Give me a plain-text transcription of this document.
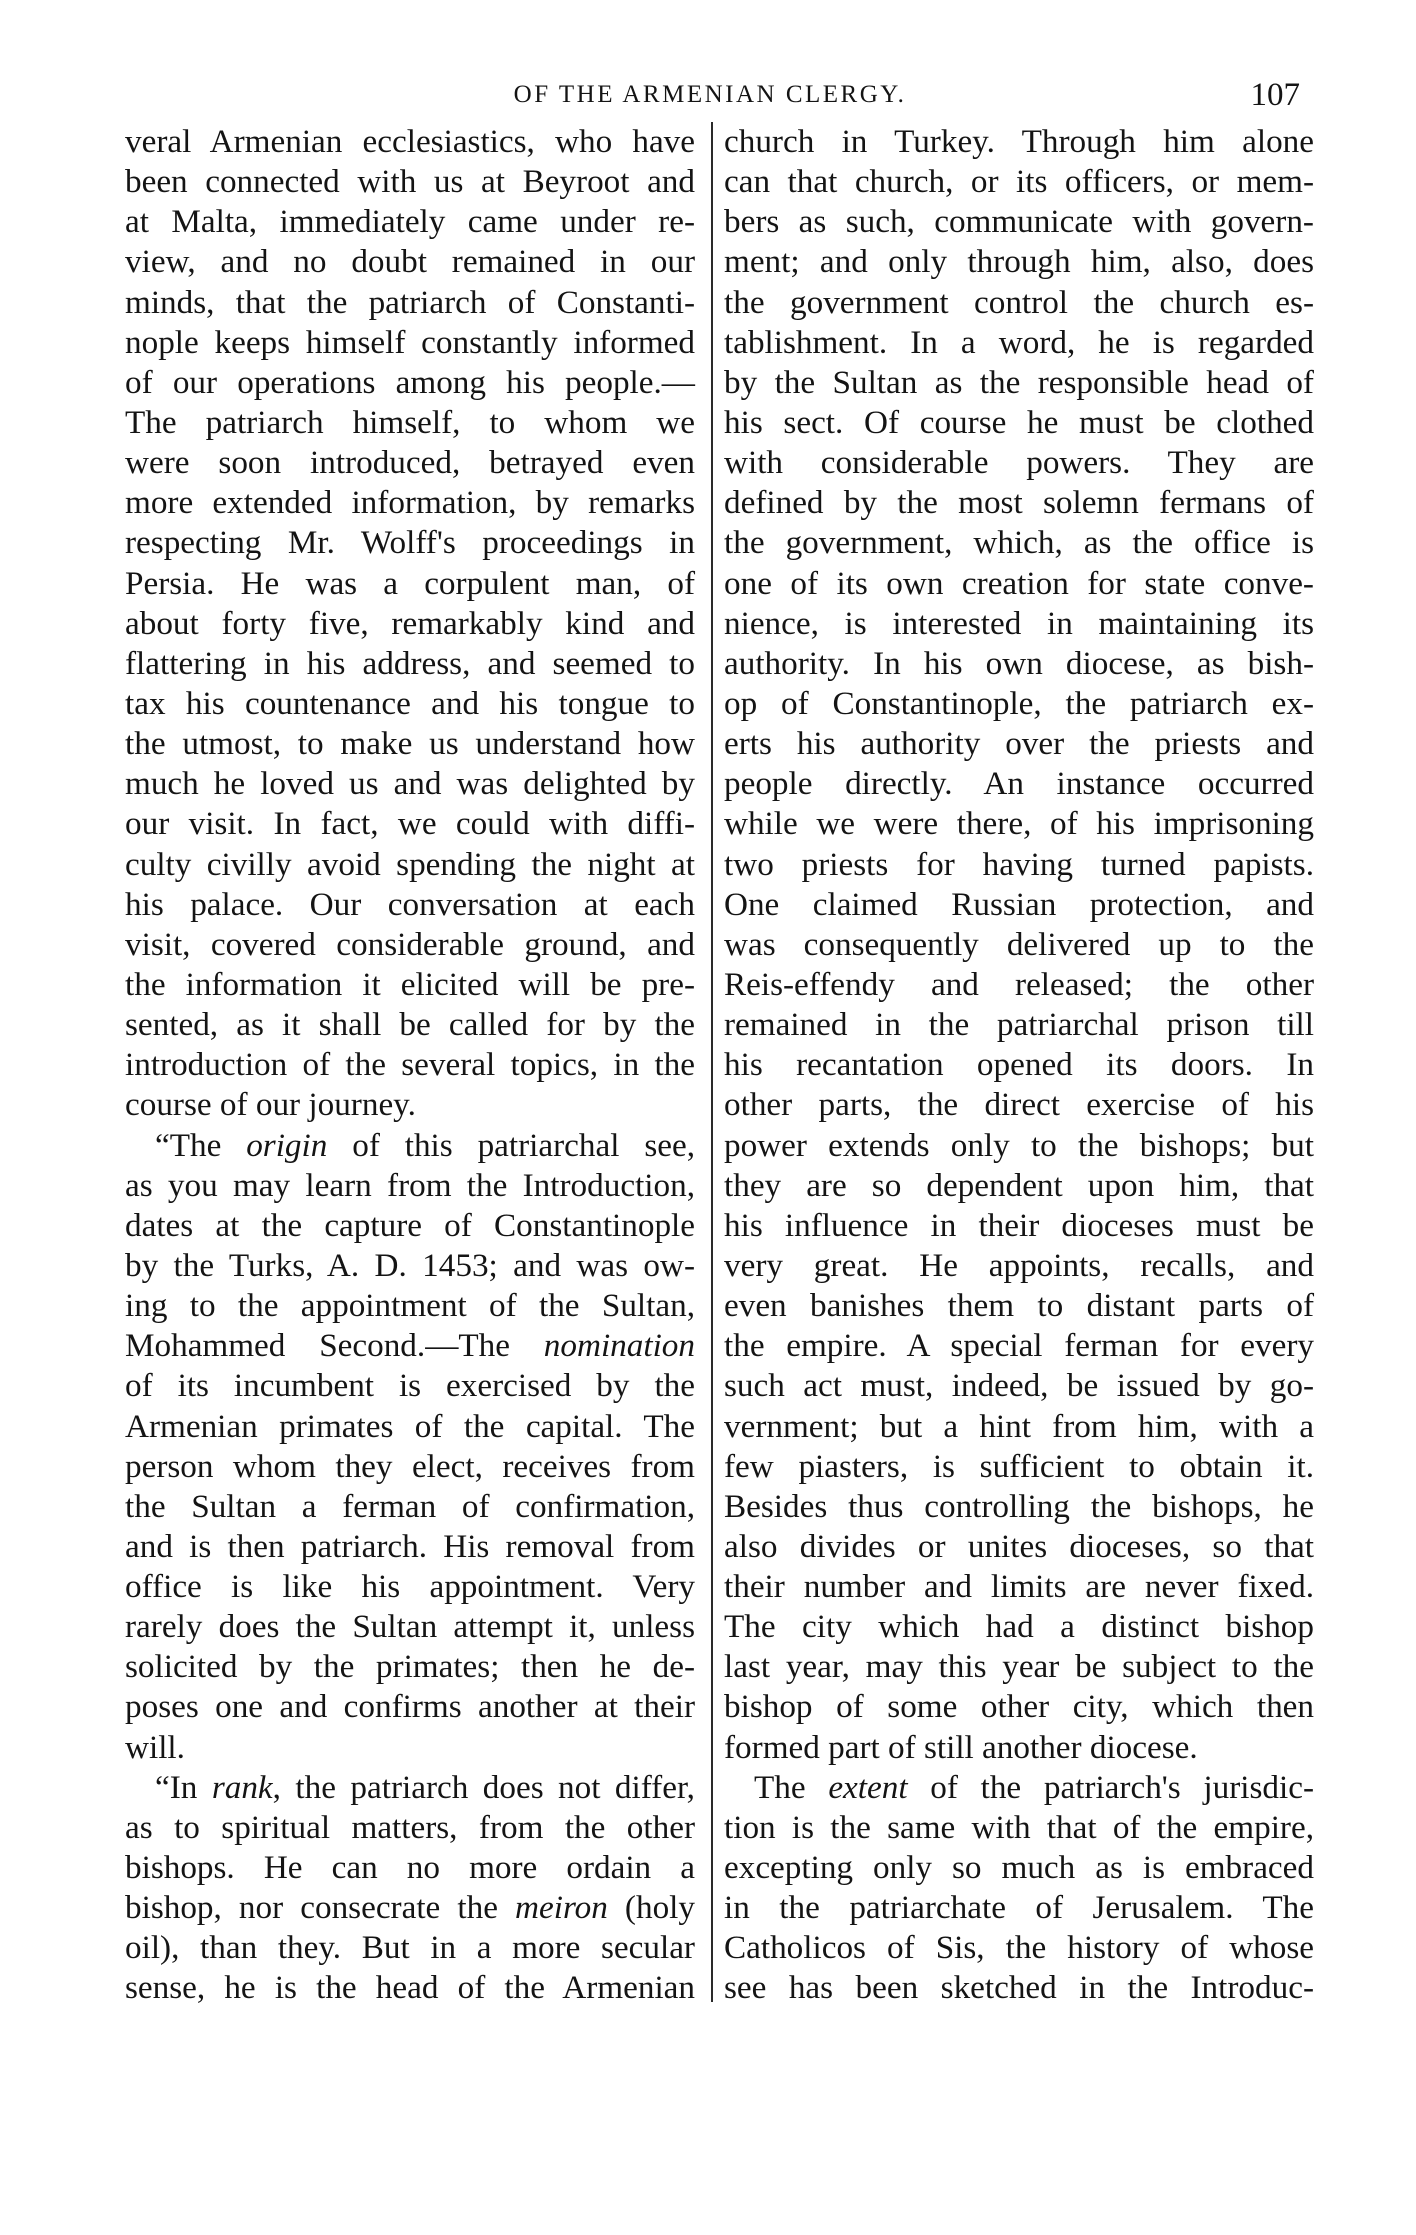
OF THE ARMENIAN CLERGY.	107

veral Armenian ecclesiastics, who have
been connected with us at Beyroot and
at Malta, immediately came under re-
view, and no doubt remained in our
minds, that the patriarch of Constanti-
nople keeps himself constantly informed
of our operations among his people.—
The patriarch himself, to whom we
were soon introduced, betrayed even
more extended information, by remarks
respecting Mr. Wolff's proceedings in
Persia. He was a corpulent man, of
about forty five, remarkably kind and
flattering in his address, and seemed to
tax his countenance and his tongue to
the utmost, to make us understand how
much he loved us and was delighted by
our visit. In fact, we could with diffi-
culty civilly avoid spending the night at
his palace. Our conversation at each
visit, covered considerable ground, and
the information it elicited will be pre-
sented, as it shall be called for by the
introduction of the several topics, in the
course of our journey.

“The origin of this patriarchal see,
as you may learn from the Introduction,
dates at the capture of Constantinople
by the Turks, A. D. 1453; and was ow-
ing to the appointment of the Sultan,
Mohammed Second.—The nomination
of its incumbent is exercised by the
Armenian primates of the capital. The
person whom they elect, receives from
the Sultan a ferman of confirmation,
and is then patriarch. His removal from
office is like his appointment. Very
rarely does the Sultan attempt it, unless
solicited by the primates; then he de-
poses one and confirms another at their
will.

“In rank, the patriarch does not differ,
as to spiritual matters, from the other
bishops. He can no more ordain a
bishop, nor consecrate the meiron (holy
oil), than they. But in a more secular
sense, he is the head of the Armenian

church in Turkey. Through him alone
can that church, or its officers, or mem-
bers as such, communicate with govern-
ment; and only through him, also, does
the government control the church es-
tablishment. In a word, he is regarded
by the Sultan as the responsible head of
his sect. Of course he must be clothed
with considerable powers. They are
defined by the most solemn fermans of
the government, which, as the office is
one of its own creation for state conve-
nience, is interested in maintaining its
authority. In his own diocese, as bish-
op of Constantinople, the patriarch ex-
erts his authority over the priests and
people directly. An instance occurred
while we were there, of his imprisoning
two priests for having turned papists.
One claimed Russian protection, and
was consequently delivered up to the
Reis-effendy and released; the other
remained in the patriarchal prison till
his recantation opened its doors. In
other parts, the direct exercise of his
power extends only to the bishops; but
they are so dependent upon him, that
his influence in their dioceses must be
very great. He appoints, recalls, and
even banishes them to distant parts of
the empire. A special ferman for every
such act must, indeed, be issued by go-
vernment; but a hint from him, with a
few piasters, is sufficient to obtain it.
Besides thus controlling the bishops, he
also divides or unites dioceses, so that
their number and limits are never fixed.
The city which had a distinct bishop
last year, may this year be subject to the
bishop of some other city, which then
formed part of still another diocese.

The extent of the patriarch's jurisdic-
tion is the same with that of the empire,
excepting only so much as is embraced
in the patriarchate of Jerusalem. The
Catholicos of Sis, the history of whose
see has been sketched in the Introduc-
